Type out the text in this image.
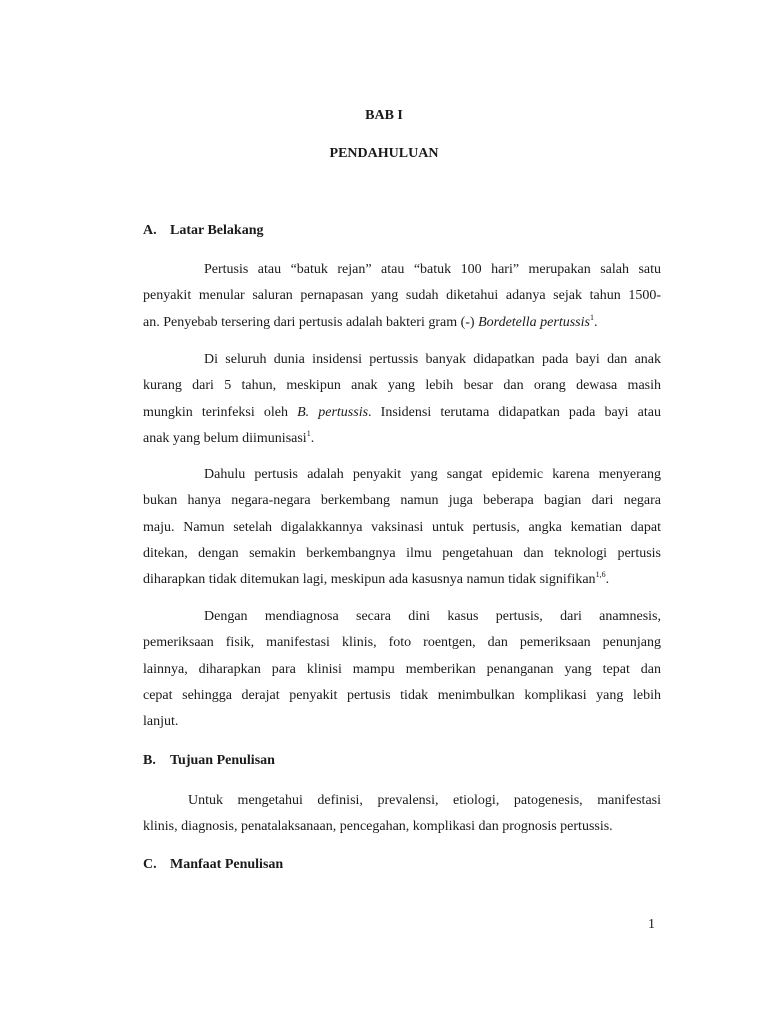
BAB I
PENDAHULUAN
A. Latar Belakang
Pertusis atau “batuk rejan” atau “batuk 100 hari” merupakan salah satu
penyakit menular saluran pernapasan yang sudah diketahui adanya sejak tahun 1500-
an. Penyebab tersering dari pertusis adalah bakteri gram (-) Bordetella pertussis$^1$.
Di seluruh dunia insidensi pertussis banyak didapatkan pada bayi dan anak
kurang dari 5 tahun, meskipun anak yang lebih besar dan orang dewasa masih
mungkin terinfeksi oleh B. pertussis. Insidensi terutama didapatkan pada bayi atau
anak yang belum diimunisasi$^1$.
Dahulu pertusis adalah penyakit yang sangat epidemic karena menyerang
bukan hanya negara-negara berkembang namun juga beberapa bagian dari negara
maju. Namun setelah digalakkannya vaksinasi untuk pertusis, angka kematian dapat
ditekan, dengan semakin berkembangnya ilmu pengetahuan dan teknologi pertusis
diharapkan tidak ditemukan lagi, meskipun ada kasusnya namun tidak signifikan$^{1,6}$.
Dengan mendiagnosa secara dini kasus pertusis, dari anamnesis,
pemeriksaan fisik, manifestasi klinis, foto roentgen, dan pemeriksaan penunjang
lainnya, diharapkan para klinisi mampu memberikan penanganan yang tepat dan
cepat sehingga derajat penyakit pertusis tidak menimbulkan komplikasi yang lebih
lanjut.
B. Tujuan Penulisan
Untuk mengetahui definisi, prevalensi, etiologi, patogenesis, manifestasi
klinis, diagnosis, penatalaksanaan, pencegahan, komplikasi dan prognosis pertussis.
C. Manfaat Penulisan
1
